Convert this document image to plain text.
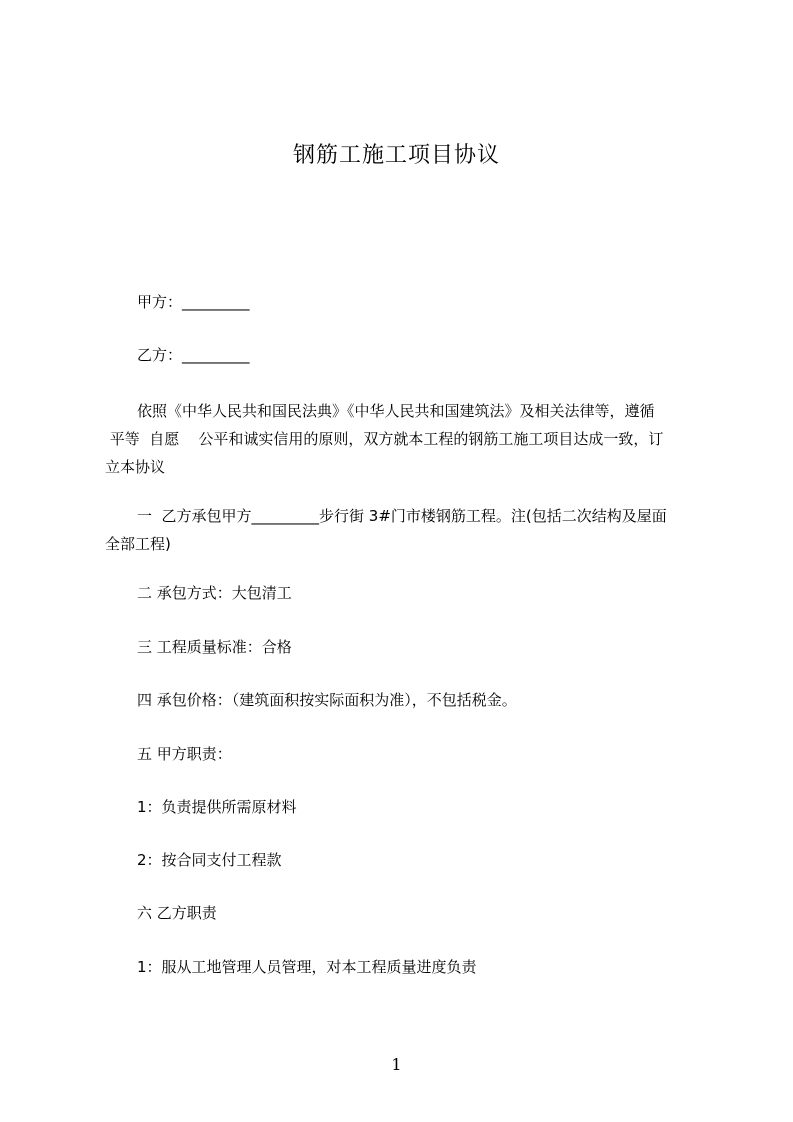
钢筋工施工项目协议
甲方：_________
乙方：_________
依照《中华人民共和国民法典》《中华人民共和国建筑法》及相关法律等，遵循
平等  自愿    公平和诚实信用的原则，双方就本工程的钢筋工施工项目达成一致，订
立本协议
一  乙方承包甲方_________步行街 3#门市楼钢筋工程。注(包括二次结构及屋面
全部工程)
二 承包方式：大包清工
三 工程质量标准：合格
四 承包价格：（建筑面积按实际面积为准），不包括税金。
五 甲方职责：
1：负责提供所需原材料
2：按合同支付工程款
六 乙方职责
1：服从工地管理人员管理，对本工程质量进度负责
1
